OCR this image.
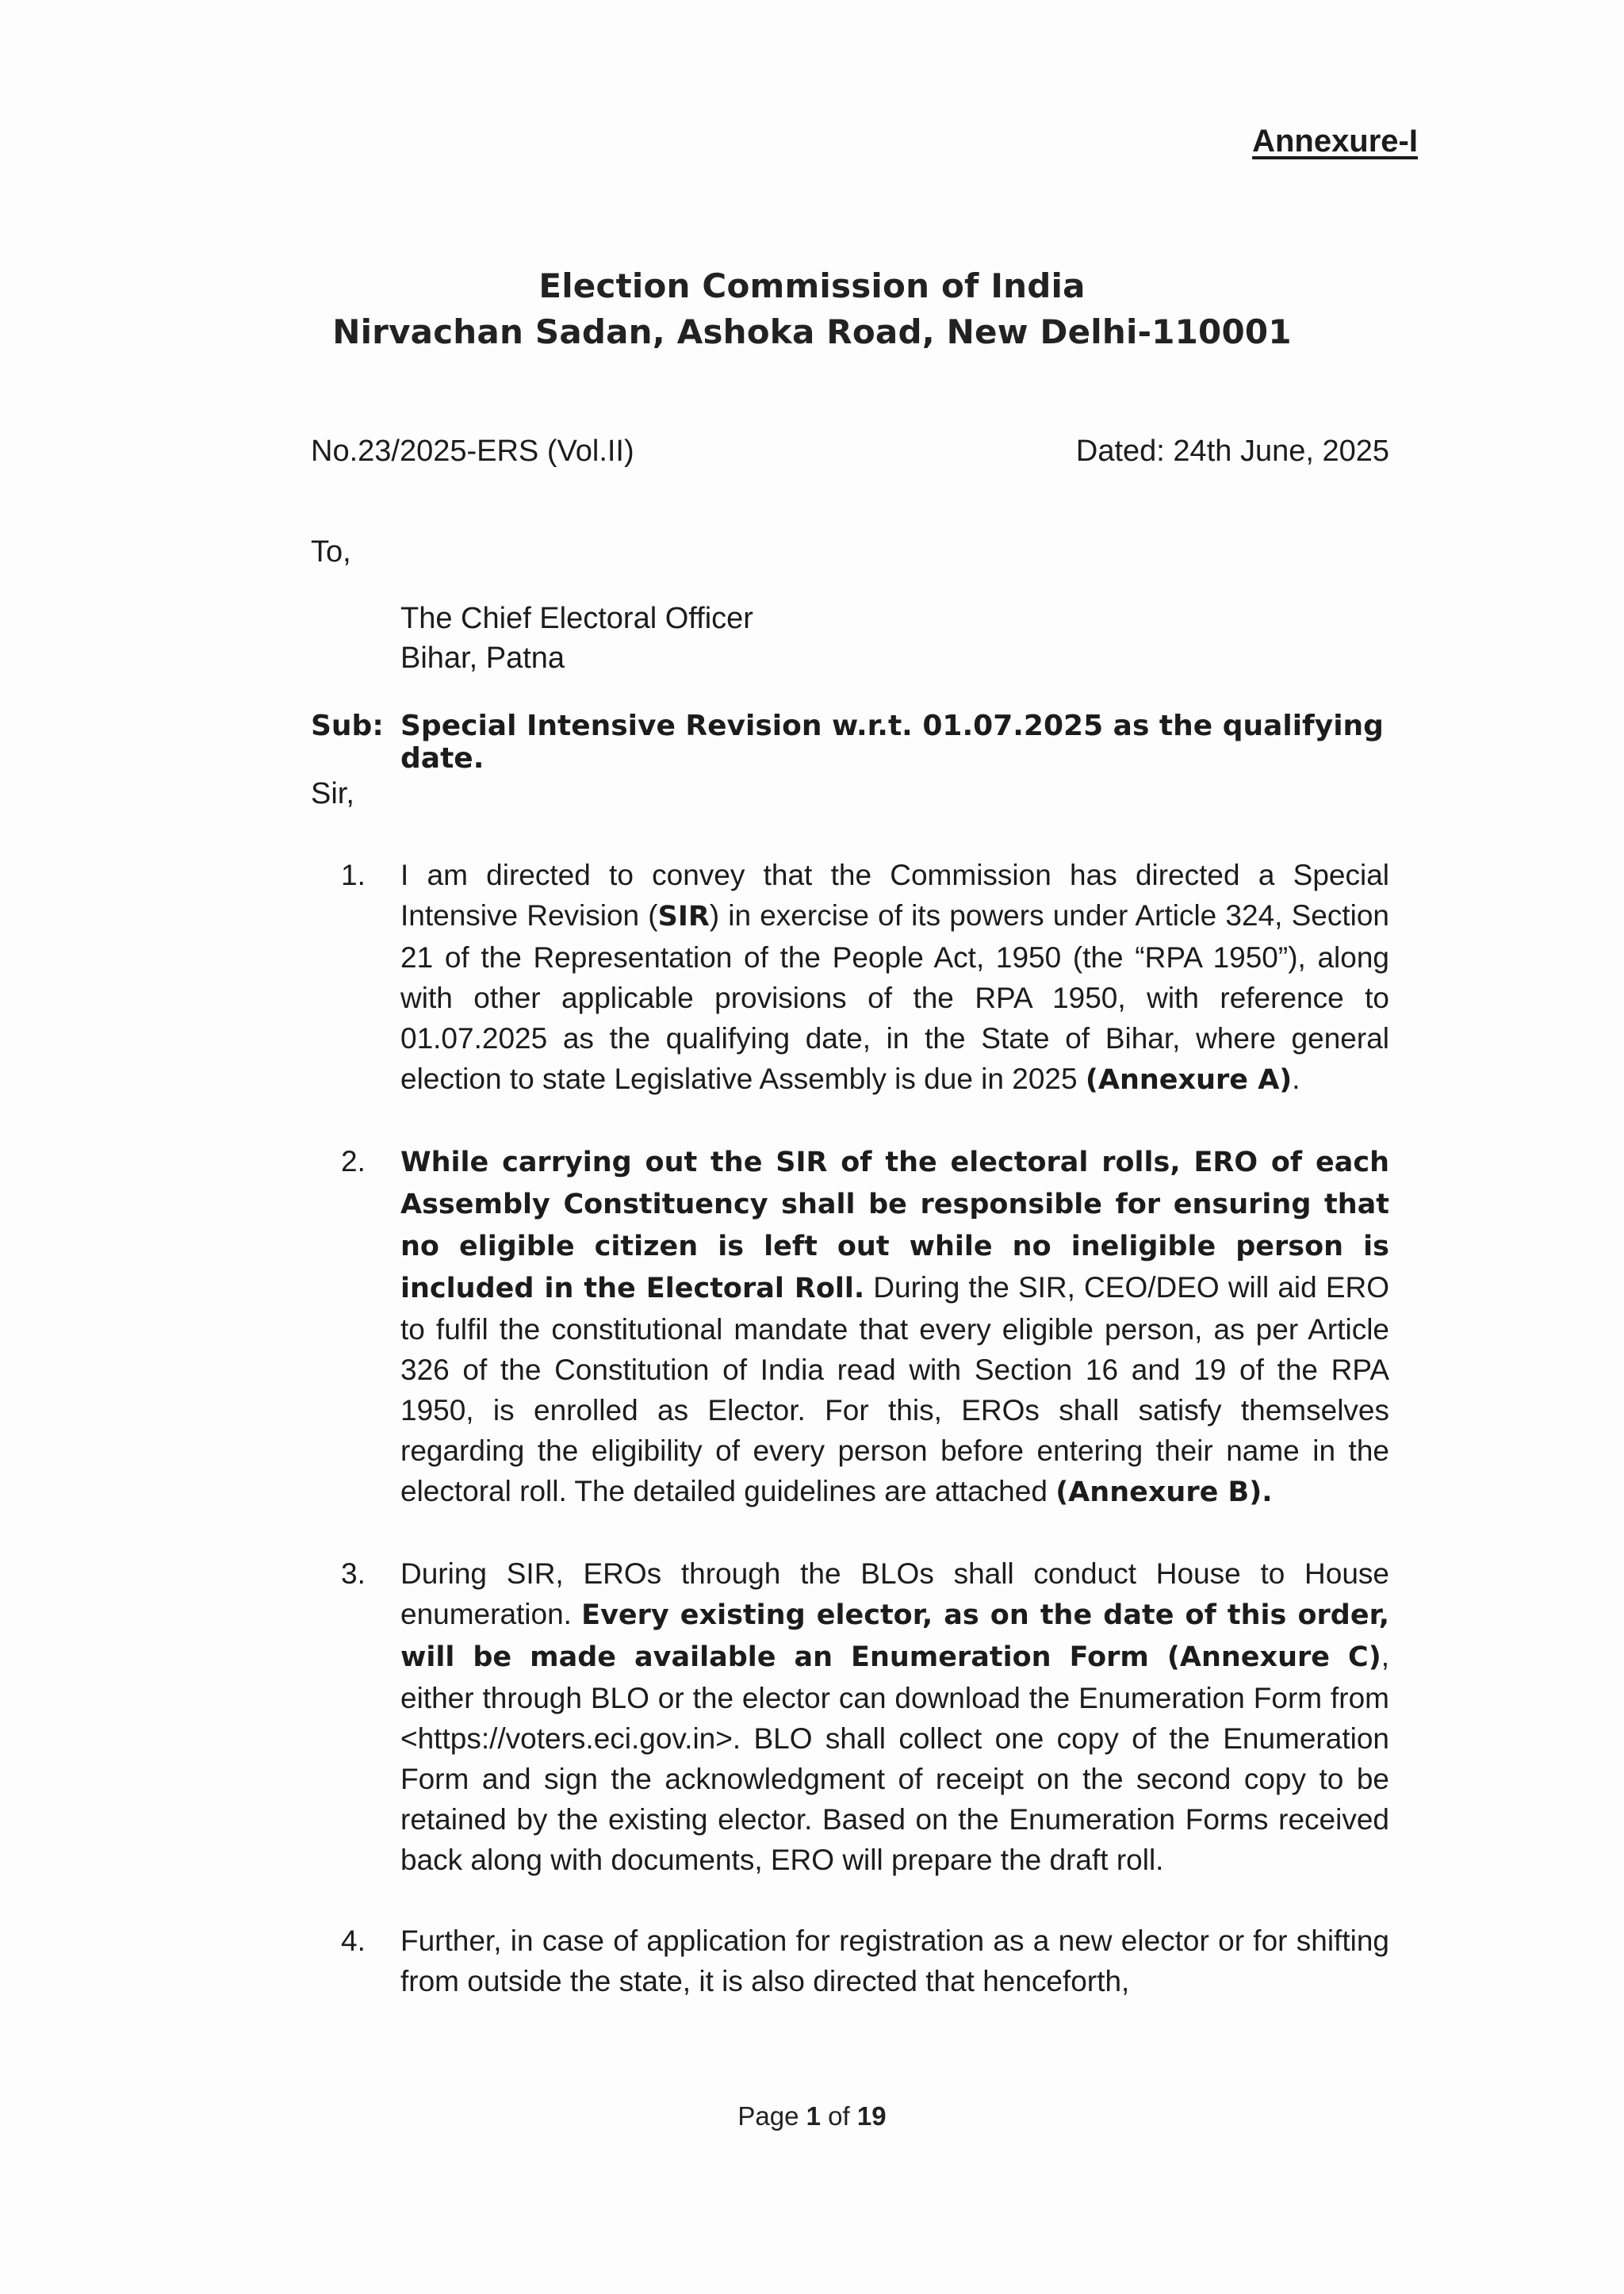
Annexure-I
Election Commission of India
Nirvachan Sadan, Ashoka Road, New Delhi-110001
No.23/2025-ERS (Vol.II)	Dated: 24th June, 2025
To,
The Chief Electoral Officer
Bihar, Patna
Sub: Special Intensive Revision w.r.t. 01.07.2025 as the qualifying date.
Sir,
1.	I am directed to convey that the Commission has directed a Special Intensive Revision (SIR) in exercise of its powers under Article 324, Section 21 of the Representation of the People Act, 1950 (the “RPA 1950”), along with other applicable provisions of the RPA 1950, with reference to 01.07.2025 as the qualifying date, in the State of Bihar, where general election to state Legislative Assembly is due in 2025 (Annexure A).
2.	While carrying out the SIR of the electoral rolls, ERO of each Assembly Constituency shall be responsible for ensuring that no eligible citizen is left out while no ineligible person is included in the Electoral Roll. During the SIR, CEO/DEO will aid ERO to fulfil the constitutional mandate that every eligible person, as per Article 326 of the Constitution of India read with Section 16 and 19 of the RPA 1950, is enrolled as Elector. For this, EROs shall satisfy themselves regarding the eligibility of every person before entering their name in the electoral roll. The detailed guidelines are attached (Annexure B).
3.	During SIR, EROs through the BLOs shall conduct House to House enumeration. Every existing elector, as on the date of this order, will be made available an Enumeration Form (Annexure C), either through BLO or the elector can download the Enumeration Form from <https://voters.eci.gov.in>. BLO shall collect one copy of the Enumeration Form and sign the acknowledgment of receipt on the second copy to be retained by the existing elector. Based on the Enumeration Forms received back along with documents, ERO will prepare the draft roll.
4.	Further, in case of application for registration as a new elector or for shifting from outside the state, it is also directed that henceforth,
Page 1 of 19
